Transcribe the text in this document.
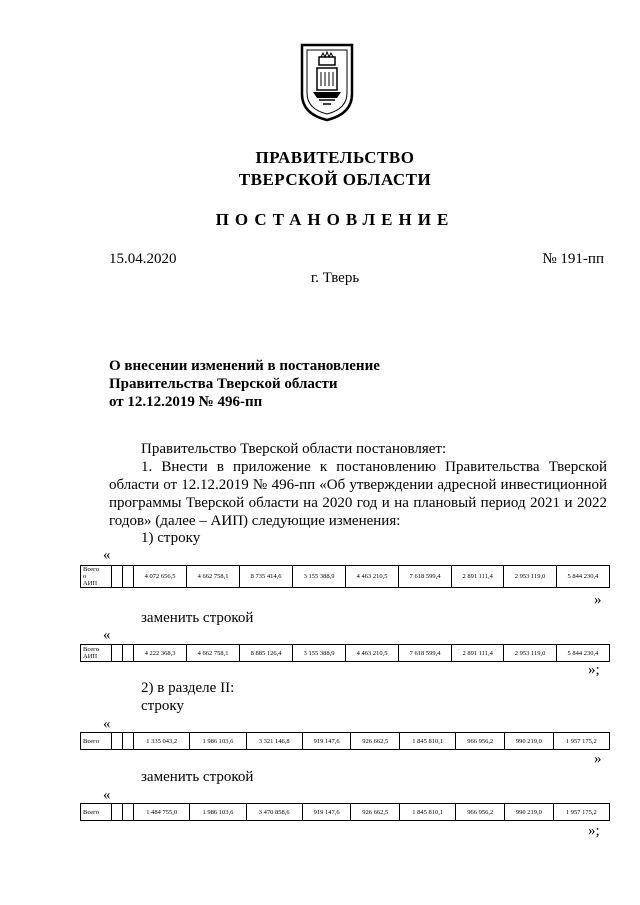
ПРАВИТЕЛЬСТВО
ТВЕРСКОЙ ОБЛАСТИ
ПОСТАНОВЛЕНИЕ
15.04.2020	№ 191-пп
г. Тверь
О внесении изменений в постановление
Правительства Тверской области
от 12.12.2019 № 496-пп
Правительство Тверской области постановляет:
1. Внести в приложение к постановлению Правительства Тверской области от 12.12.2019 № 496-пп «Об утверждении адресной инвестиционной программы Тверской области на 2020 год и на плановый период 2021 и 2022 годов» (далее – АИП) следующие изменения:
1) строку
«
Всего
о
АИП			4 072 656,5	4 662 758,1	8 735 414,6	3 155 388,9	4 463 210,5	7 618 599,4	2 891 111,4	2 953 119,0	5 844 230,4
»
заменить строкой
«
Всего
АИП			4 222 368,3	4 662 758,1	8 885 126,4	3 155 388,9	4 463 210,5	7 618 599,4	2 891 111,4	2 953 119,0	5 844 230,4
»;
2) в разделе II:
строку
«
Всего			1 335 043,2	1 986 103,6	3 321 146,8	919 147,6	926 662,5	1 845 810,1	966 956,2	990 219,0	1 957 175,2
»
заменить строкой
«
Всего			1 484 755,0	1 986 103,6	3 470 858,6	919 147,6	926 662,5	1 845 810,1	966 956,2	990 219,0	1 957 175,2
»;
